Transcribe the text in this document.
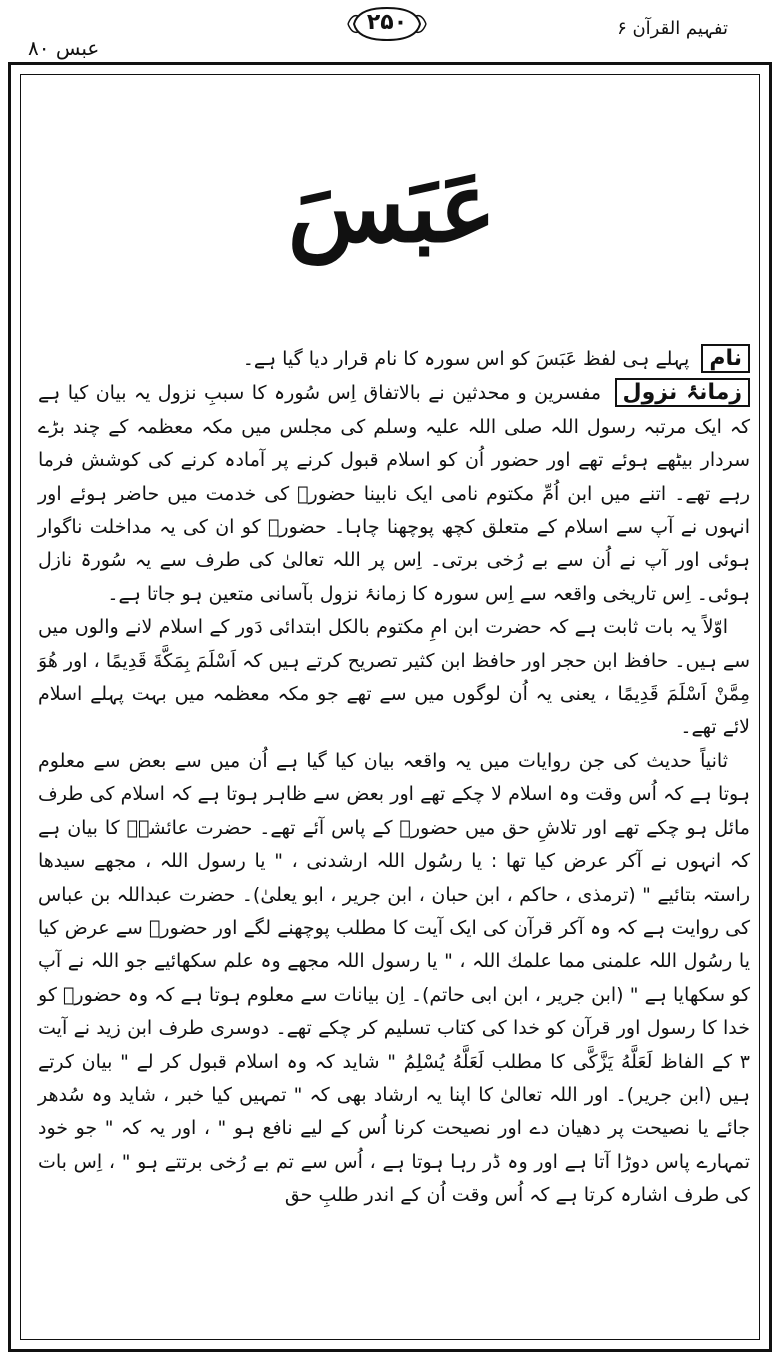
عبس ۸۰
۲۵۰	تفہیم القرآن ۶
عَبَسَ

نام پہلے ہی لفظ عَبَسَ کو اس سورہ کا نام قرار دیا گیا ہے۔

زمانۂ نزول مفسرین و محدثین نے بالاتفاق اِس سُورہ کا سببِ نزول یہ بیان کیا ہے کہ ایک مرتبہ رسول اللہ صلی اللہ علیہ وسلم کی مجلس میں مکہ معظمہ کے چند بڑے سردار بیٹھے ہوئے تھے اور حضور اُن کو اسلام قبول کرنے پر آمادہ کرنے کی کوشش فرما رہے تھے۔ اتنے میں ابن اُمِّ مکتوم نامی ایک نابینا حضورؐ کی خدمت میں حاضر ہوئے اور انہوں نے آپ سے اسلام کے متعلق کچھ پوچھنا چاہا۔ حضورؐ کو ان کی یہ مداخلت ناگوار ہوئی اور آپ نے اُن سے بے رُخی برتی۔ اِس پر اللہ تعالیٰ کی طرف سے یہ سُورۃ نازل ہوئی۔ اِس تاریخی واقعہ سے اِس سورہ کا زمانۂ نزول بآسانی متعین ہو جاتا ہے۔

اوّلاً یہ بات ثابت ہے کہ حضرت ابن امِ مکتوم بالکل ابتدائی دَور کے اسلام لانے والوں میں سے ہیں۔ حافظ ابن حجر اور حافظ ابن کثیر تصریح کرتے ہیں کہ اَسْلَمَ بِمَكَّةَ قَدِيمًا ، اور هُوَ مِمَّنْ اَسْلَمَ قَدِيمًا ، یعنی یہ اُن لوگوں میں سے تھے جو مکہ معظمہ میں بہت پہلے اسلام لائے تھے۔

ثانیاً حدیث کی جن روایات میں یہ واقعہ بیان کیا گیا ہے اُن میں سے بعض سے معلوم ہوتا ہے کہ اُس وقت وہ اسلام لا چکے تھے اور بعض سے ظاہر ہوتا ہے کہ اسلام کی طرف مائل ہو چکے تھے اور تلاشِ حق میں حضورؐ کے پاس آئے تھے۔ حضرت عائشہؓ کا بیان ہے کہ انہوں نے آکر عرض کیا تھا : یا رسُول اللہ ارشدنی ، " یا رسول اللہ ، مجھے سیدھا راستہ بتائیے " (ترمذی ، حاکم ، ابن حبان ، ابن جریر ، ابو یعلیٰ)۔ حضرت عبداللہ بن عباس کی روایت ہے کہ وہ آکر قرآن کی ایک آیت کا مطلب پوچھنے لگے اور حضورؐ سے عرض کیا یا رسُول اللہ علمنی مما علمك اللہ ، " یا رسول اللہ مجھے وہ علم سکھائیے جو اللہ نے آپ کو سکھایا ہے " (ابن جریر ، ابن ابی حاتم)۔ اِن بیانات سے معلوم ہوتا ہے کہ وہ حضورؐ کو خدا کا رسول اور قرآن کو خدا کی کتاب تسلیم کر چکے تھے۔ دوسری طرف ابن زید نے آیت ۳ کے الفاظ لَعَلَّهُ يَزَّكَّى کا مطلب لَعَلَّهُ يُسْلِمُ " شاید کہ وہ اسلام قبول کر لے " بیان کرتے ہیں (ابن جریر)۔ اور اللہ تعالیٰ کا اپنا یہ ارشاد بھی کہ " تمہیں کیا خبر ، شاید وہ سُدھر جائے یا نصیحت پر دھیان دے اور نصیحت کرنا اُس کے لیے نافع ہو " ، اور یہ کہ " جو خود تمہارے پاس دوڑا آتا ہے اور وہ ڈر رہا ہوتا ہے ، اُس سے تم بے رُخی برتتے ہو " ، اِس بات کی طرف اشارہ کرتا ہے کہ اُس وقت اُن کے اندر طلبِ حق
